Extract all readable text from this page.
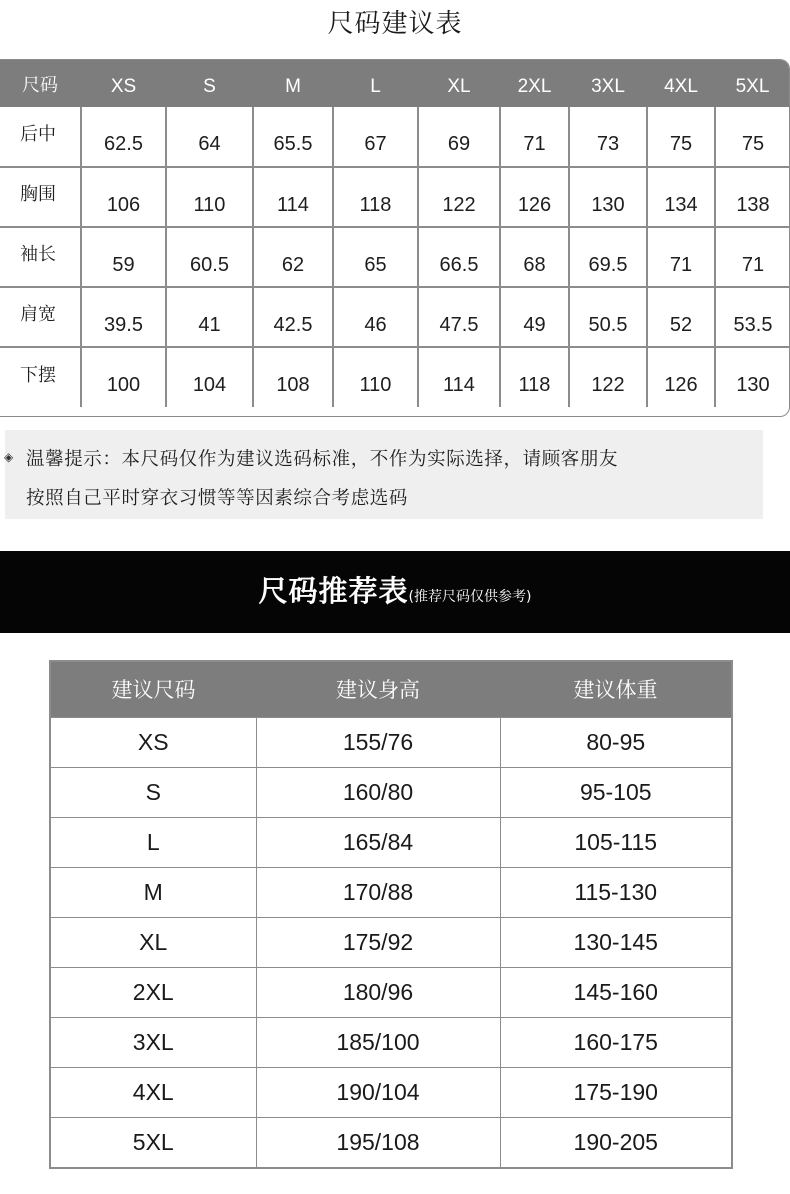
尺码建议表
尺码	XS	S	M	L	XL	2XL	3XL	4XL	5XL
后中	62.5	64	65.5	67	69	71	73	75	75
胸围	106	110	114	118	122	126	130	134	138
袖长	59	60.5	62	65	66.5	68	69.5	71	71
肩宽	39.5	41	42.5	46	47.5	49	50.5	52	53.5
下摆	100	104	108	110	114	118	122	126	130
◈ 温馨提示：本尺码仅作为建议选码标准，不作为实际选择，请顾客朋友
按照自己平时穿衣习惯等等因素综合考虑选码
尺码推荐表(推荐尺码仅供参考)
建议尺码	建议身高	建议体重
XS	155/76	80-95
S	160/80	95-105
L	165/84	105-115
M	170/88	115-130
XL	175/92	130-145
2XL	180/96	145-160
3XL	185/100	160-175
4XL	190/104	175-190
5XL	195/108	190-205
